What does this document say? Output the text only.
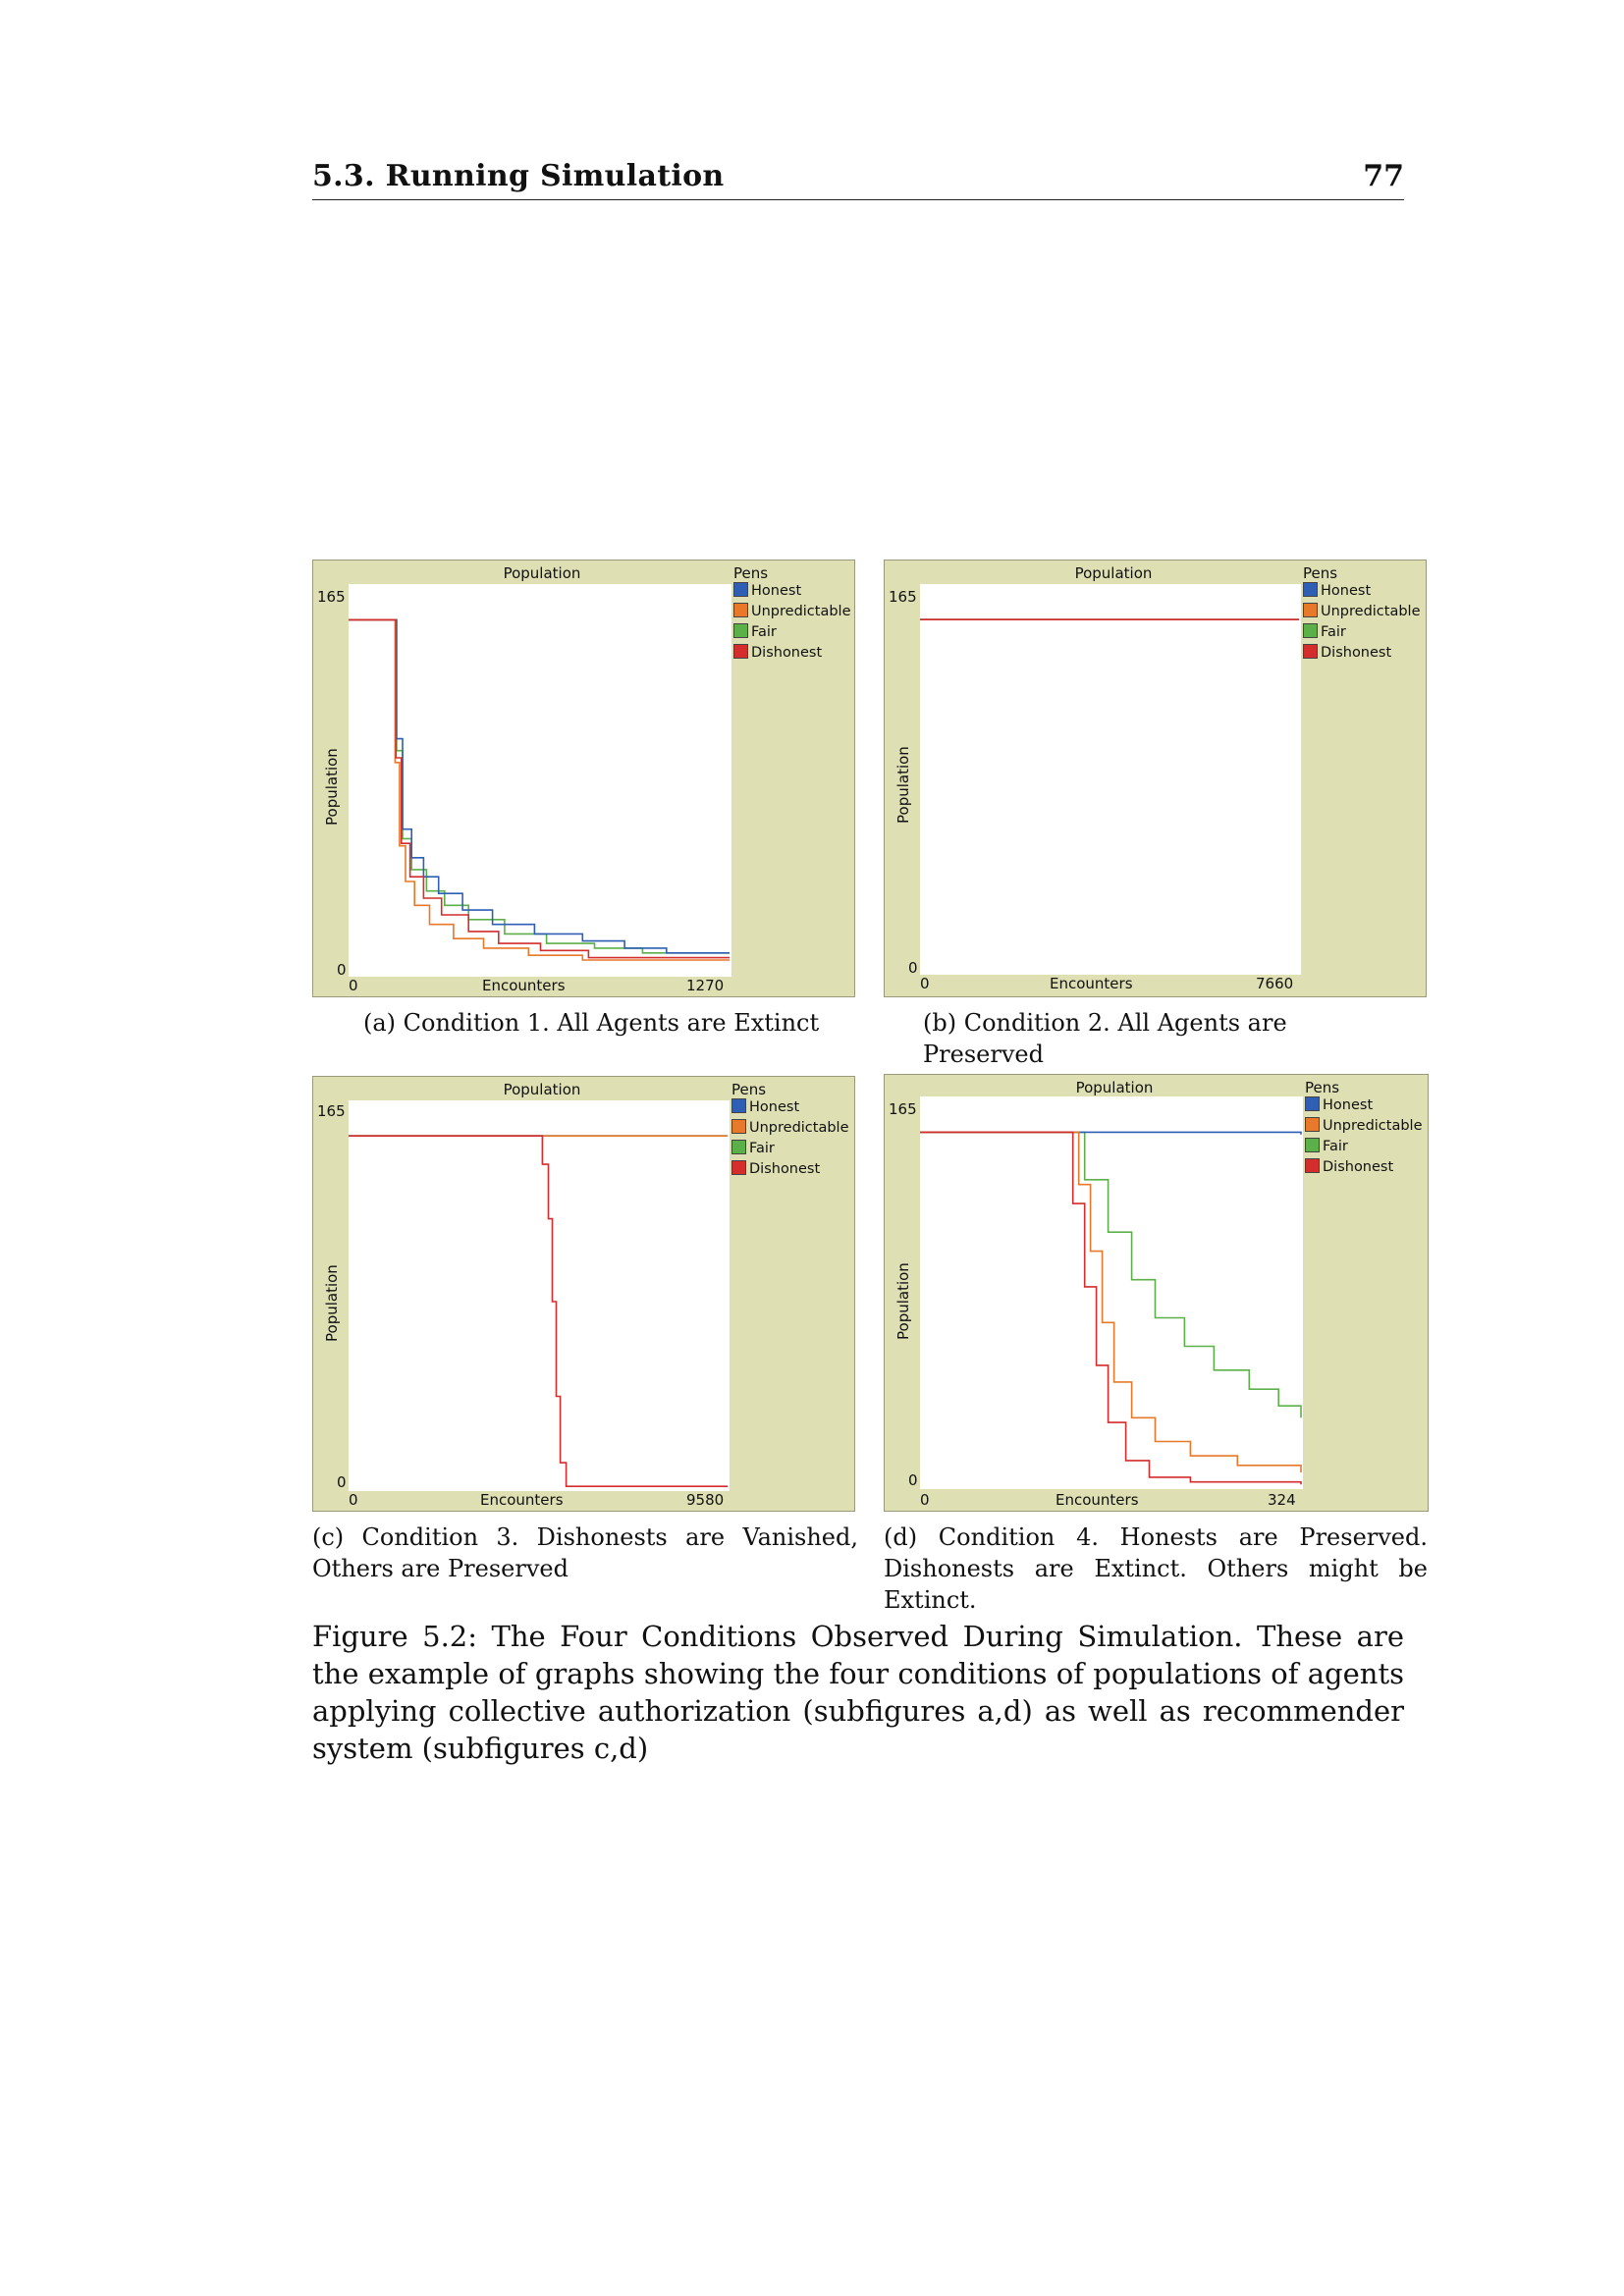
5.3. Running Simulation	77
Population
165
0
Population
0	Encounters	1270
Pens
Honest
Unpredictable
Fair
Dishonest
(a) Condition 1. All Agents are Extinct
Population
165
0
Population
0	Encounters	7660
Pens
Honest
Unpredictable
Fair
Dishonest
(b) Condition 2. All Agents are Preserved
Population
165
0
Population
0	Encounters	9580
Pens
Honest
Unpredictable
Fair
Dishonest
(c) Condition 3. Dishonests are Vanished, Others are Preserved
Population
165
0
Population
0	Encounters	324
Pens
Honest
Unpredictable
Fair
Dishonest
(d) Condition 4. Honests are Preserved. Dishonests are Extinct. Others might be Extinct.
Figure 5.2: The Four Conditions Observed During Simulation. These are the example of graphs showing the four conditions of populations of agents applying collective authorization (subfigures a,d) as well as recommender system (subfigures c,d)
